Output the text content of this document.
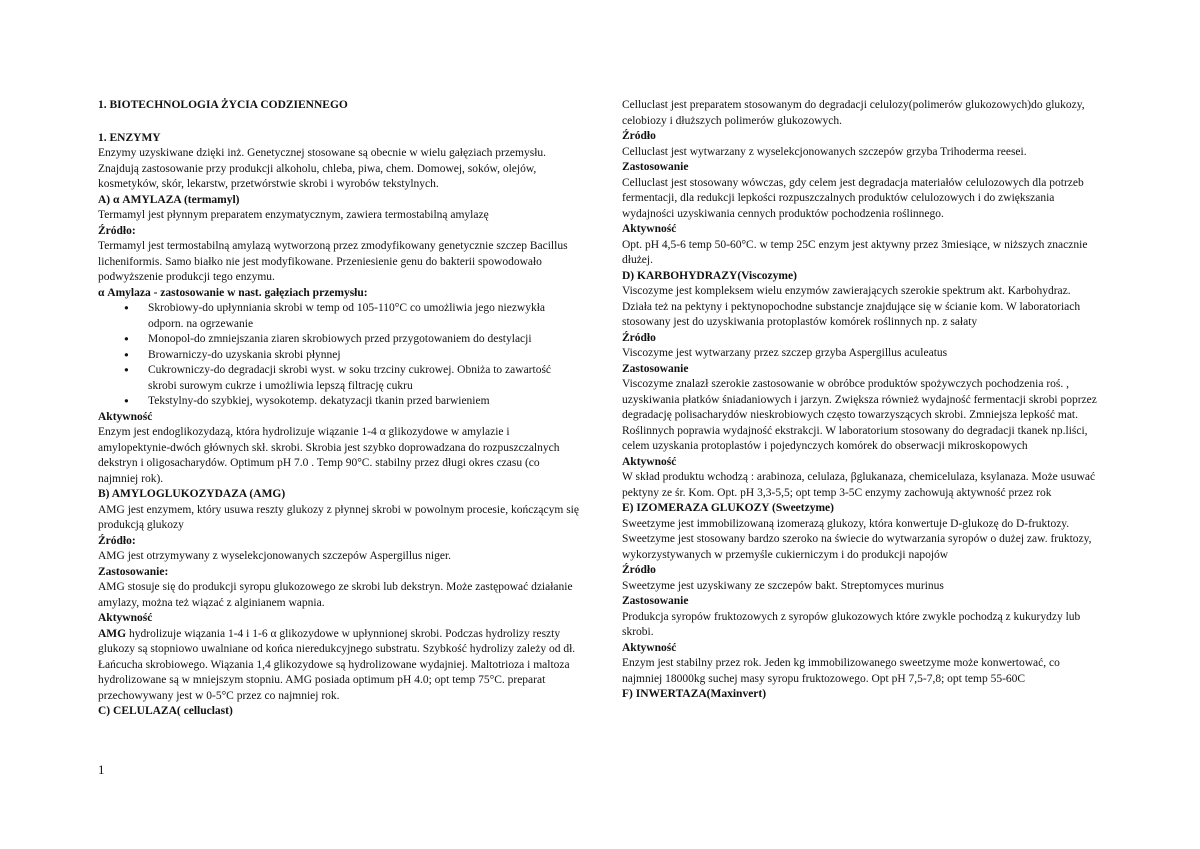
1. BIOTECHNOLOGIA ŻYCIA CODZIENNEGO

1. ENZYMY

Enzymy uzyskiwane dzięki inż. Genetycznej stosowane są obecnie w wielu gałęziach przemysłu. Znajdują zastosowanie przy produkcji alkoholu, chleba, piwa, chem. Domowej, soków, olejów, kosmetyków, skór, lekarstw, przetwórstwie skrobi i wyrobów tekstylnych.

A) α AMYLAZA (termamyl)

Termamyl jest płynnym preparatem enzymatycznym, zawiera termostabilną amylazę

Źródło:

Termamyl jest termostabilną amylazą wytworzoną przez zmodyfikowany genetycznie szczep Bacillus licheniformis. Samo białko nie jest modyfikowane. Przeniesienie genu do bakterii spowodowało podwyższenie produkcji tego enzymu.

α Amylaza - zastosowanie w nast. gałęziach przemysłu:

• Skrobiowy-do upłynniania skrobi w temp od 105-110°C co umożliwia jego niezwykła odporn. na ogrzewanie
• Monopol-do zmniejszania ziaren skrobiowych przed przygotowaniem do destylacji
• Browarniczy-do uzyskania skrobi płynnej
• Cukrowniczy-do degradacji skrobi wyst. w soku trzciny cukrowej. Obniża to zawartość skrobi surowym cukrze i umożliwia lepszą filtrację cukru
• Tekstylny-do szybkiej, wysokotemp. dekatyzacji tkanin przed barwieniem

Aktywność

Enzym jest endoglikozydazą, która hydrolizuje wiązanie 1-4 α glikozydowe w amylazie i amylopektynie-dwóch głównych skł. skrobi. Skrobia jest szybko doprowadzana do rozpuszczalnych dekstryn i oligosacharydów. Optimum pH 7.0 . Temp 90°C. stabilny przez długi okres czasu (co najmniej rok).

B) AMYLOGLUKOZYDAZA (AMG)

AMG jest enzymem, który usuwa reszty glukozy z płynnej skrobi w powolnym procesie, kończącym się produkcją glukozy

Źródło:

AMG jest otrzymywany z wyselekcjonowanych szczepów Aspergillus niger.

Zastosowanie:

AMG stosuje się do produkcji syropu glukozowego ze skrobi lub dekstryn. Może zastępować działanie amylazy, można też wiązać z alginianem wapnia.

Aktywność

AMG hydrolizuje wiązania 1-4 i 1-6 α glikozydowe w upłynnionej skrobi. Podczas hydrolizy reszty glukozy są stopniowo uwalniane od końca nieredukcyjnego substratu. Szybkość hydrolizy zależy od dł. Łańcucha skrobiowego. Wiązania 1,4 glikozydowe są hydrolizowane wydajniej. Maltotrioza i maltoza hydrolizowane są w mniejszym stopniu. AMG posiada optimum pH 4.0; opt temp 75°C. preparat przechowywany jest w 0-5°C przez co najmniej rok.

C) CELULAZA( celluclast)

Celluclast jest preparatem stosowanym do degradacji celulozy(polimerów glukozowych)do glukozy, celobiozy i dłuższych polimerów glukozowych.

Źródło

Celluclast jest wytwarzany z wyselekcjonowanych szczepów grzyba Trihoderma reesei.

Zastosowanie

Celluclast jest stosowany wówczas, gdy celem jest degradacja materiałów celulozowych dla potrzeb fermentacji, dla redukcji lepkości rozpuszczalnych produktów celulozowych i do zwiększania wydajności uzyskiwania cennych produktów pochodzenia roślinnego.

Aktywność

Opt. pH 4,5-6 temp 50-60°C. w temp 25C enzym jest aktywny przez 3miesiące, w niższych znacznie dłużej.

D) KARBOHYDRAZY(Viscozyme)

Viscozyme jest kompleksem wielu enzymów zawierających szerokie spektrum akt. Karbohydraz. Działa też na pektyny i pektynopochodne substancje znajdujące się w ścianie kom. W laboratoriach stosowany jest do uzyskiwania protoplastów komórek roślinnych np. z sałaty

Źródło

Viscozyme jest wytwarzany przez szczep grzyba Aspergillus aculeatus

Zastosowanie

Viscozyme znalazł szerokie zastosowanie w obróbce produktów spożywczych pochodzenia roś. , uzyskiwania płatków śniadaniowych i jarzyn. Zwiększa również wydajność fermentacji skrobi poprzez degradację polisacharydów nieskrobiowych często towarzyszących skrobi. Zmniejsza lepkość mat. Roślinnych poprawia wydajność ekstrakcji. W laboratorium stosowany do degradacji tkanek np.liści, celem uzyskania protoplastów i pojedynczych komórek do obserwacji mikroskopowych

Aktywność

W skład produktu wchodzą : arabinoza, celulaza, βglukanaza, chemicelulaza, ksylanaza. Może usuwać pektyny ze śr. Kom. Opt. pH 3,3-5,5; opt temp 3-5C enzymy zachowują aktywność przez rok

E) IZOMERAZA GLUKOZY (Sweetzyme)

Sweetzyme jest immobilizowaną izomerazą glukozy, która konwertuje D-glukozę do D-fruktozy. Sweetzyme jest stosowany bardzo szeroko na świecie do wytwarzania syropów o dużej zaw. fruktozy, wykorzystywanych w przemyśle cukierniczym i do produkcji napojów

Źródło

Sweetzyme jest uzyskiwany ze szczepów bakt. Streptomyces murinus

Zastosowanie

Produkcja syropów fruktozowych z syropów glukozowych które zwykle pochodzą z kukurydzy lub skrobi.

Aktywność

Enzym jest stabilny przez rok. Jeden kg immobilizowanego sweetzyme może konwertować, co najmniej 18000kg suchej masy syropu fruktozowego. Opt pH 7,5-7,8; opt temp 55-60C

F) INWERTAZA(Maxinvert)

1
